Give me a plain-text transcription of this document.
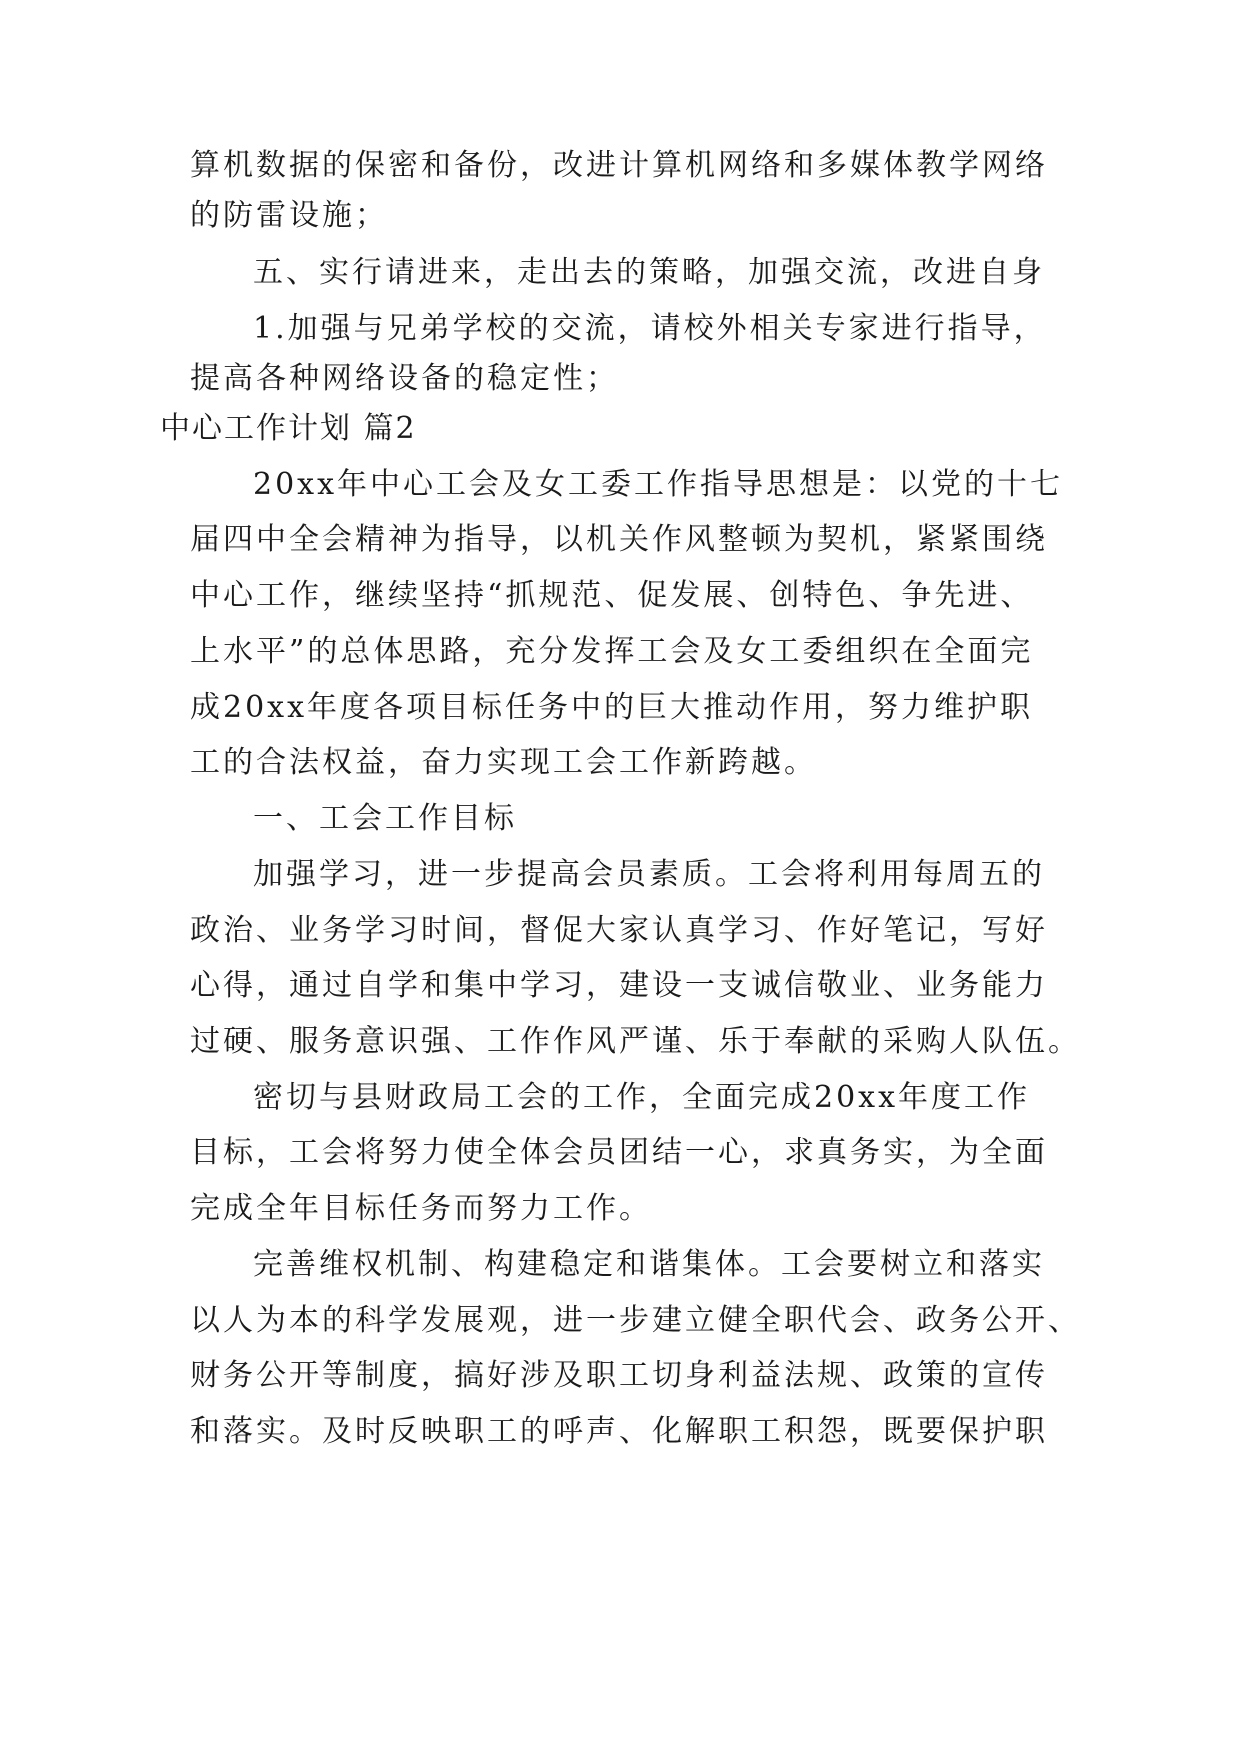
算机数据的保密和备份，改进计算机网络和多媒体教学网络
的防雷设施；
五、实行请进来，走出去的策略，加强交流，改进自身
1.加强与兄弟学校的交流，请校外相关专家进行指导，
提高各种网络设备的稳定性；
中心工作计划 篇2
20xx年中心工会及女工委工作指导思想是：以党的十七
届四中全会精神为指导，以机关作风整顿为契机，紧紧围绕
中心工作，继续坚持“抓规范、促发展、创特色、争先进、
上水平”的总体思路，充分发挥工会及女工委组织在全面完
成20xx年度各项目标任务中的巨大推动作用，努力维护职
工的合法权益，奋力实现工会工作新跨越。
一、工会工作目标
加强学习，进一步提高会员素质。工会将利用每周五的
政治、业务学习时间，督促大家认真学习、作好笔记，写好
心得，通过自学和集中学习，建设一支诚信敬业、业务能力
过硬、服务意识强、工作作风严谨、乐于奉献的采购人队伍。
密切与县财政局工会的工作，全面完成20xx年度工作
目标，工会将努力使全体会员团结一心，求真务实，为全面
完成全年目标任务而努力工作。
完善维权机制、构建稳定和谐集体。工会要树立和落实
以人为本的科学发展观，进一步建立健全职代会、政务公开、
财务公开等制度，搞好涉及职工切身利益法规、政策的宣传
和落实。及时反映职工的呼声、化解职工积怨，既要保护职
